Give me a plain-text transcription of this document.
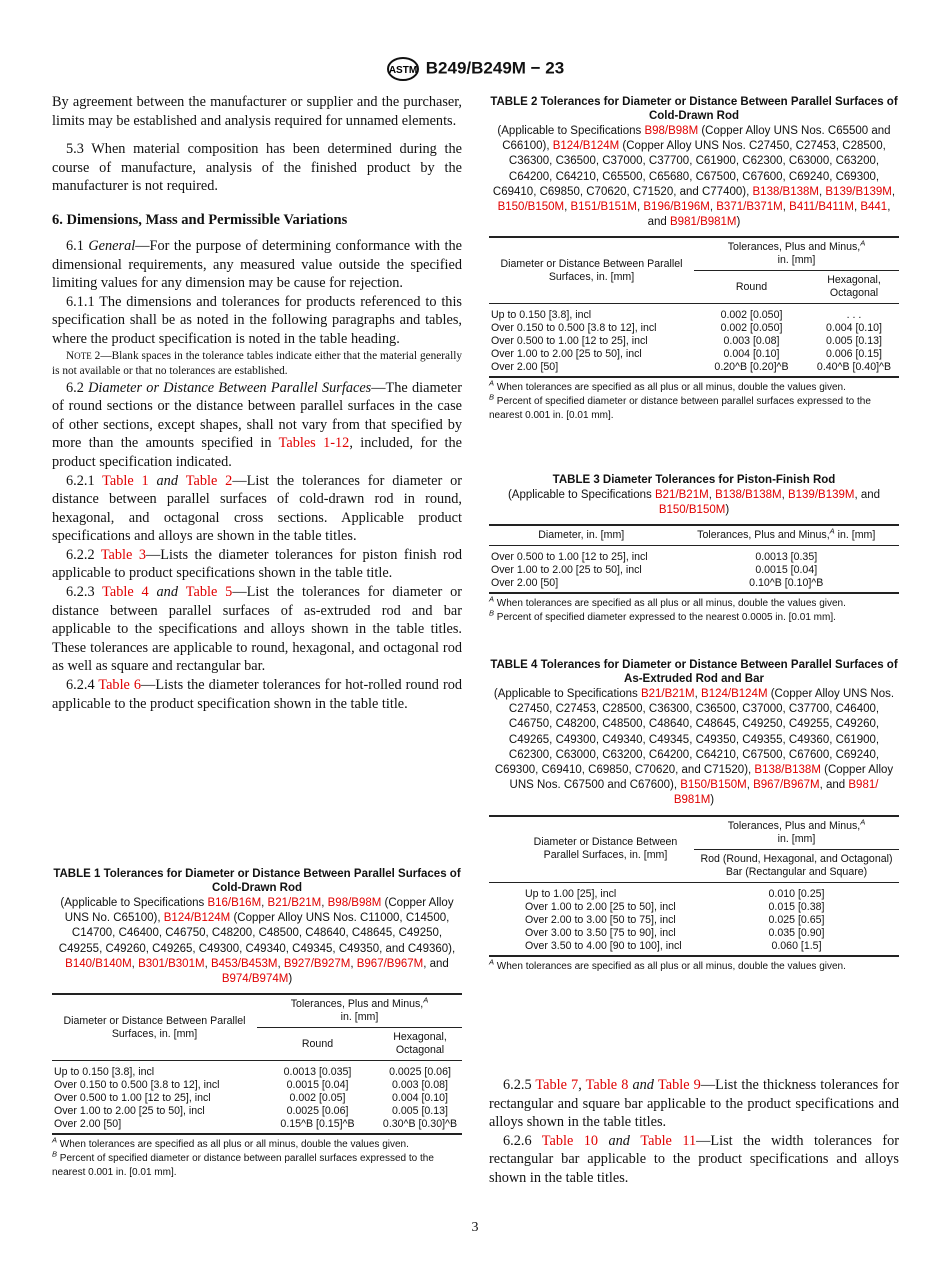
ASTM B249/B249M − 23

By agreement between the manufacturer or supplier and the purchaser, limits may be established and analysis required for unnamed elements.

5.3 When material composition has been determined during the course of manufacture, analysis of the finished product by the manufacturer is not required.

6. Dimensions, Mass and Permissible Variations

6.1 General—For the purpose of determining conformance with the dimensional requirements, any measured value outside the specified limiting values for any dimension may be cause for rejection.

6.1.1 The dimensions and tolerances for products referenced to this specification shall be as noted in the following paragraphs and tables, where the product specification is noted in the table heading.

NOTE 2—Blank spaces in the tolerance tables indicate either that the material generally is not available or that no tolerances are established.

6.2 Diameter or Distance Between Parallel Surfaces—The diameter of round sections or the distance between parallel surfaces in the case of other sections, except shapes, shall not vary from that specified by more than the amounts specified in Tables 1-12, included, for the product specification indicated.

6.2.1 Table 1 and Table 2—List the tolerances for diameter or distance between parallel surfaces of cold-drawn rod in round, hexagonal, and octagonal cross sections. Applicable product specifications and alloys are shown in the table titles.

6.2.2 Table 3—Lists the diameter tolerances for piston finish rod applicable to product specifications shown in the table title.

6.2.3 Table 4 and Table 5—List the tolerances for diameter or distance between parallel surfaces of as-extruded rod and bar applicable to the specifications and alloys shown in the table titles. These tolerances are applicable to round, hexagonal, and octagonal rod as well as square and rectangular bar.

6.2.4 Table 6—Lists the diameter tolerances for hot-rolled round rod applicable to the product specification shown in the table title.

TABLE 1 Tolerances for Diameter or Distance Between Parallel Surfaces of Cold-Drawn Rod
(Applicable to Specifications B16/B16M, B21/B21M, B98/B98M (Copper Alloy UNS No. C65100), B124/B124M (Copper Alloy UNS Nos. C11000, C14500, C14700, C46400, C46750, C48200, C48500, C48640, C48645, C49250, C49255, C49260, C49265, C49300, C49340, C49345, C49350, and C49360), B140/B140M, B301/B301M, B453/B453M, B927/B927M, B967/B967M, and B974/B974M)
Diameter or Distance Between Parallel Surfaces, in. [mm]	Tolerances, Plus and Minus,$^A$
in. [mm]	
	Round	Hexagonal, Octagonal
Up to 0.150 [3.8], incl	0.0013 [0.035]	0.0025 [0.06]
Over 0.150 to 0.500 [3.8 to 12], incl	0.0015 [0.04]	0.003 [0.08]
Over 0.500 to 1.00 [12 to 25], incl	0.002 [0.05]	0.004 [0.10]
Over 1.00 to 2.00 [25 to 50], incl	0.0025 [0.06]	0.005 [0.13]
Over 2.00 [50]	0.15^B [0.15]^B	0.30^B [0.30]^B
$^A$ When tolerances are specified as all plus or all minus, double the values given.
$^B$ Percent of specified diameter or distance between parallel surfaces expressed to the nearest 0.001 in. [0.01 mm].
TABLE 2 Tolerances for Diameter or Distance Between Parallel Surfaces of Cold-Drawn Rod
(Applicable to Specifications B98/B98M (Copper Alloy UNS Nos. C65500 and C66100), B124/B124M (Copper Alloy UNS Nos. C27450, C27453, C28500, C36300, C36500, C37000, C37700, C61900, C62300, C63000, C63200, C64200, C64210, C65500, C65680, C67500, C67600, C69240, C69300, C69410, C69850, C70620, C71520, and C77400), B138/B138M, B139/B139M, B150/B150M, B151/B151M, B196/B196M, B371/B371M, B411/B411M, B441, and B981/B981M)
Diameter or Distance Between Parallel Surfaces, in. [mm]	Tolerances, Plus and Minus,$^A$
in. [mm]	
	Round	Hexagonal, Octagonal
Up to 0.150 [3.8], incl	0.002 [0.050]	. . .
Over 0.150 to 0.500 [3.8 to 12], incl	0.002 [0.050]	0.004 [0.10]
Over 0.500 to 1.00 [12 to 25], incl	0.003 [0.08]	0.005 [0.13]
Over 1.00 to 2.00 [25 to 50], incl	0.004 [0.10]	0.006 [0.15]
Over 2.00 [50]	0.20^B [0.20]^B	0.40^B [0.40]^B
$^A$ When tolerances are specified as all plus or all minus, double the values given.
$^B$ Percent of specified diameter or distance between parallel surfaces expressed to the nearest 0.001 in. [0.01 mm].
TABLE 3 Diameter Tolerances for Piston-Finish Rod
(Applicable to Specifications B21/B21M, B138/B138M, B139/B139M, and B150/B150M)
Diameter, in. [mm]	Tolerances, Plus and Minus,$^A$ in. [mm]
Over 0.500 to 1.00 [12 to 25], incl	0.0013 [0.35]
Over 1.00 to 2.00 [25 to 50], incl	0.0015 [0.04]
Over 2.00 [50]	0.10^B [0.10]^B
$^A$ When tolerances are specified as all plus or all minus, double the values given.
$^B$ Percent of specified diameter expressed to the nearest 0.0005 in. [0.01 mm].
TABLE 4 Tolerances for Diameter or Distance Between Parallel Surfaces of As-Extruded Rod and Bar
(Applicable to Specifications B21/B21M, B124/B124M (Copper Alloy UNS Nos. C27450, C27453, C28500, C36300, C36500, C37000, C37700, C46400, C46750, C48200, C48500, C48640, C48645, C49250, C49255, C49260, C49265, C49300, C49340, C49345, C49350, C49355, C49360, C61900, C62300, C63000, C63200, C64200, C64210, C67500, C67600, C69240, C69300, C69410, C69850, C70620, and C71520), B138/B138M (Copper Alloy UNS Nos. C67500 and C67600), B150/B150M, B967/B967M, and B981/ B981M)
Diameter or Distance Between Parallel Surfaces, in. [mm]	Tolerances, Plus and Minus,$^A$
in. [mm]
	Rod (Round, Hexagonal, and Octagonal) Bar (Rectangular and Square)
Up to 1.00 [25], incl	0.010 [0.25]
Over 1.00 to 2.00 [25 to 50], incl	0.015 [0.38]
Over 2.00 to 3.00 [50 to 75], incl	0.025 [0.65]
Over 3.00 to 3.50 [75 to 90], incl	0.035 [0.90]
Over 3.50 to 4.00 [90 to 100], incl	0.060 [1.5]
$^A$ When tolerances are specified as all plus or all minus, double the values given.

6.2.5 Table 7, Table 8 and Table 9—List the thickness tolerances for rectangular and square bar applicable to the product specifications and alloys shown in the table titles.

6.2.6 Table 10 and Table 11—List the width tolerances for rectangular bar applicable to the product specifications and alloys shown in the table titles.

3
